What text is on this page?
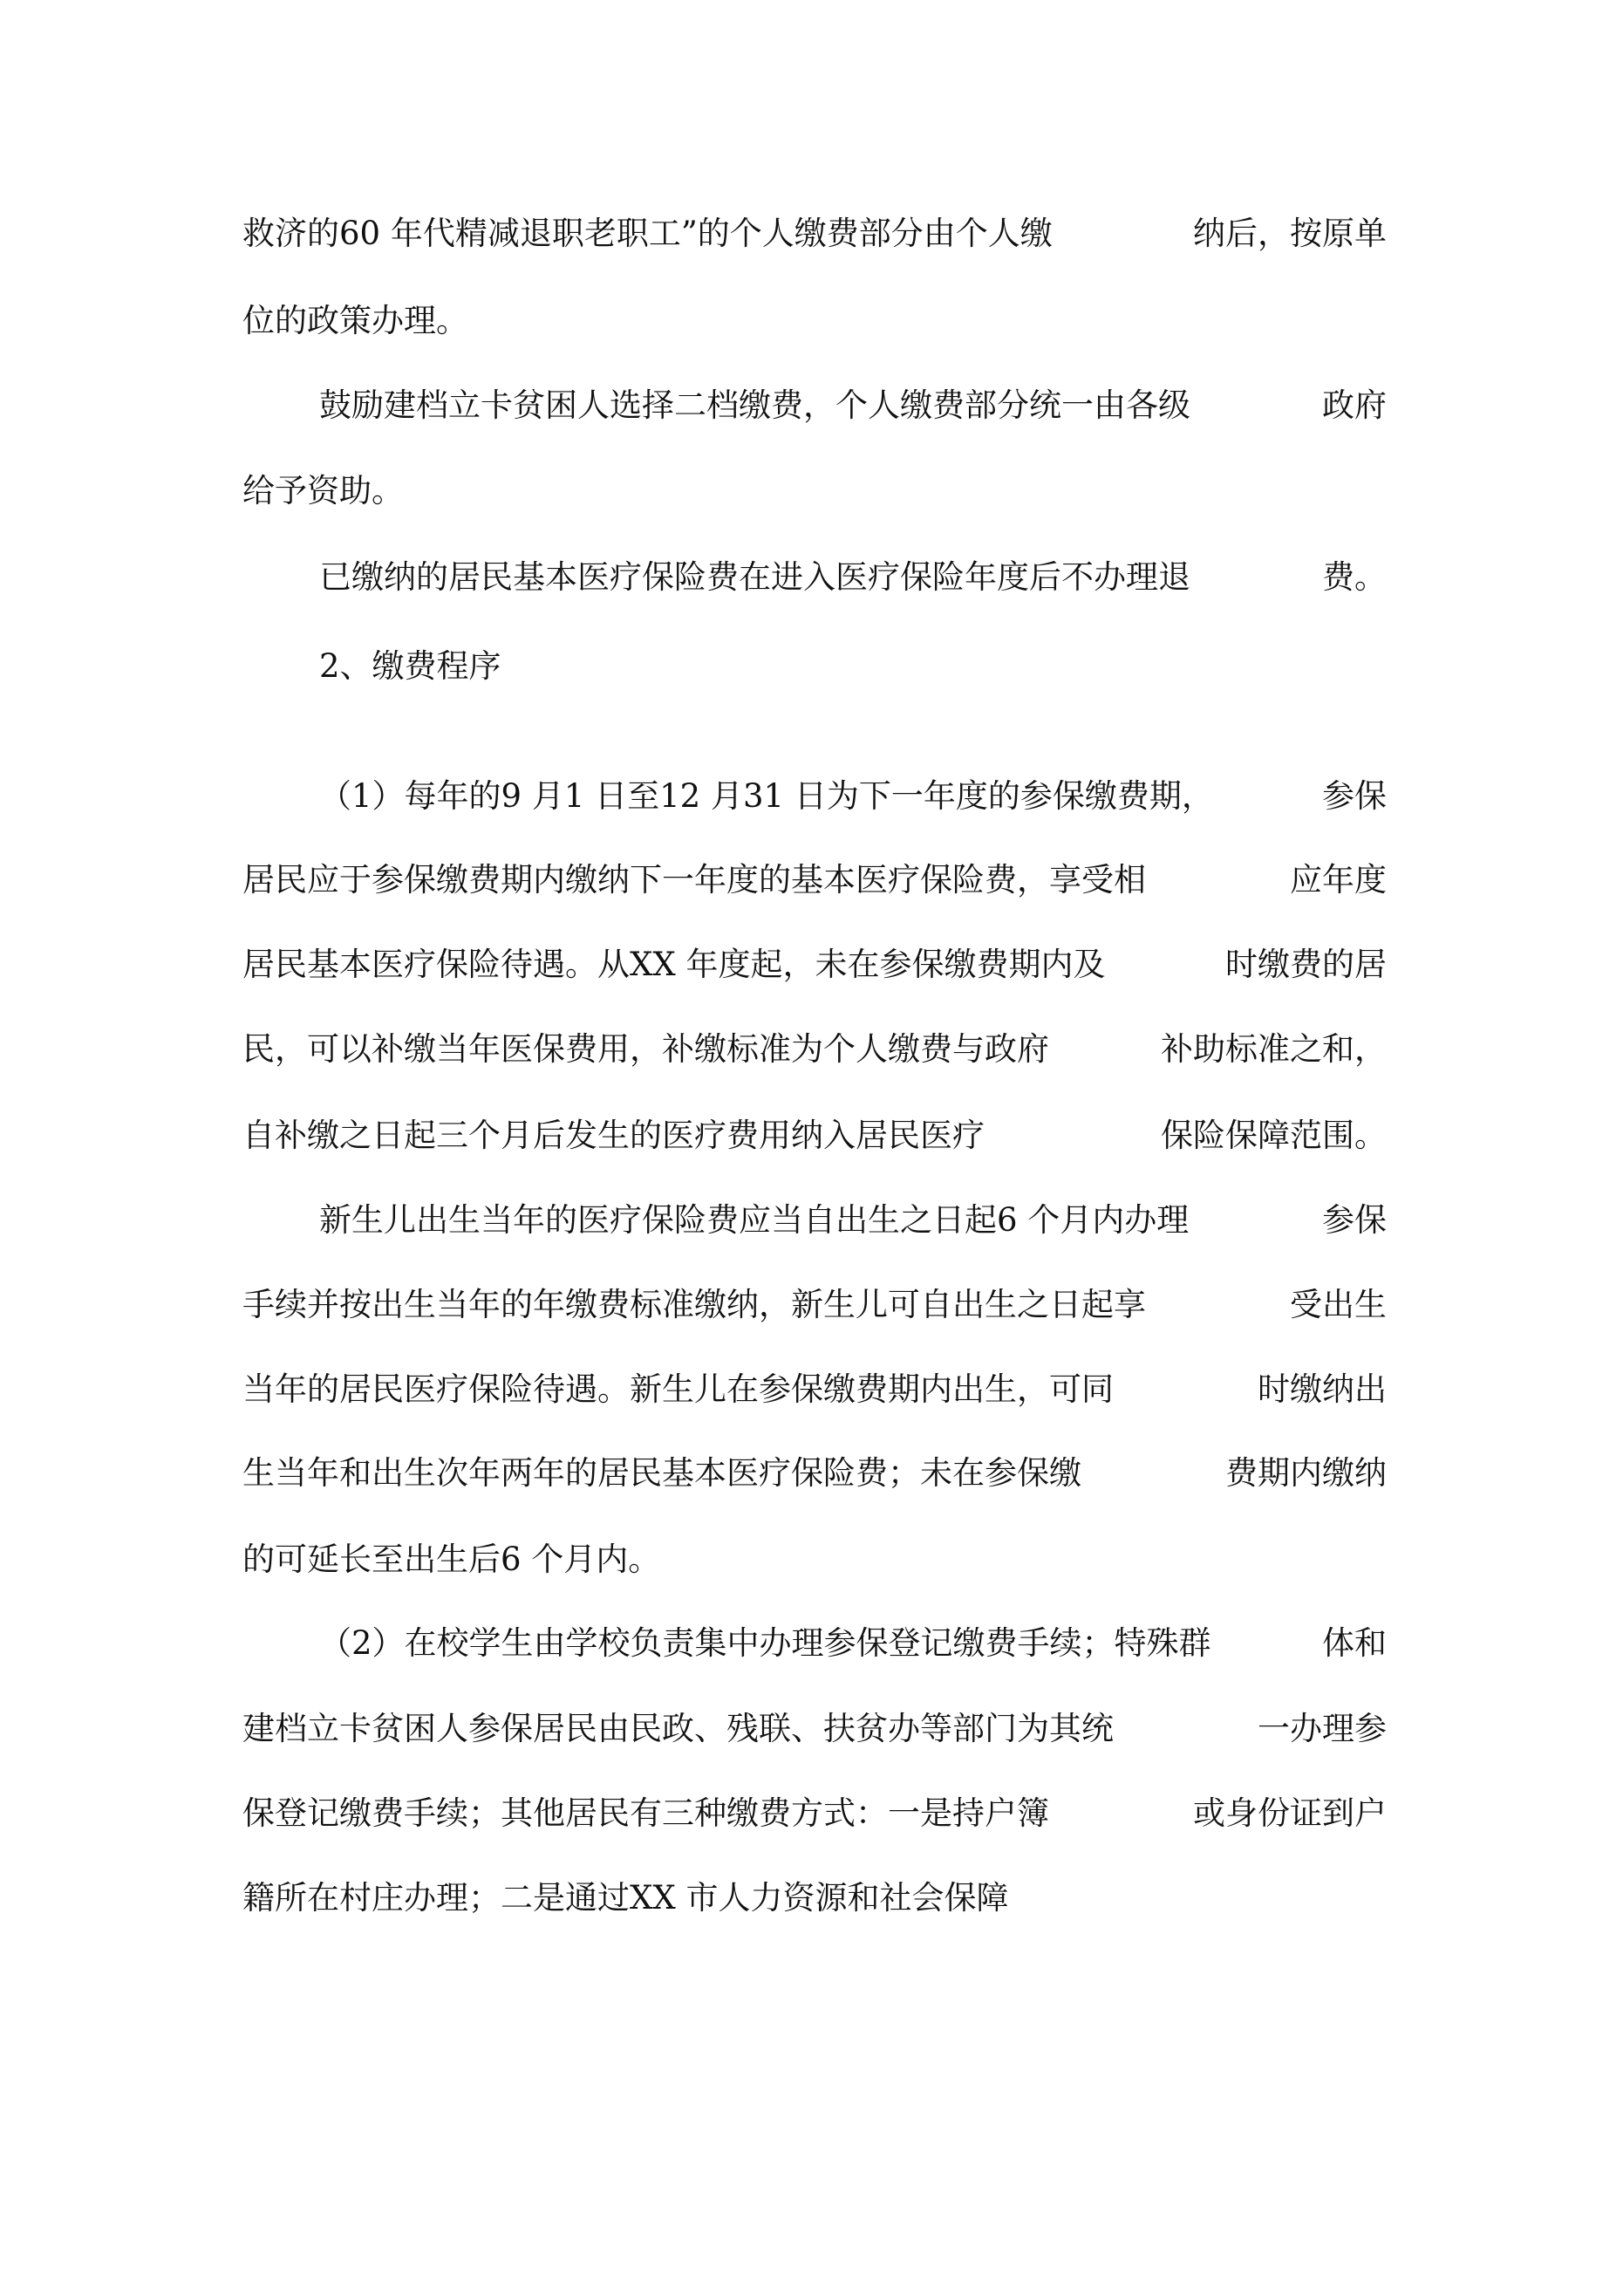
救济的60 年代精减退职老职工”的个人缴费部分由个人缴	纳后，按原单
位的政策办理。
鼓励建档立卡贫困人选择二档缴费，个人缴费部分统一由各级	政府
给予资助。
已缴纳的居民基本医疗保险费在进入医疗保险年度后不办理退	费。
2、缴费程序
（1）每年的9 月1 日至12 月31 日为下一年度的参保缴费期，	参保
居民应于参保缴费期内缴纳下一年度的基本医疗保险费，享受相	应年度
居民基本医疗保险待遇。从XX 年度起，未在参保缴费期内及	时缴费的居
民，可以补缴当年医保费用，补缴标准为个人缴费与政府	补助标准之和，
自补缴之日起三个月后发生的医疗费用纳入居民医疗	保险保障范围。
新生儿出生当年的医疗保险费应当自出生之日起6 个月内办理	参保
手续并按出生当年的年缴费标准缴纳，新生儿可自出生之日起享	受出生
当年的居民医疗保险待遇。新生儿在参保缴费期内出生，可同	时缴纳出
生当年和出生次年两年的居民基本医疗保险费；未在参保缴	费期内缴纳
的可延长至出生后6 个月内。
（2）在校学生由学校负责集中办理参保登记缴费手续；特殊群	体和
建档立卡贫困人参保居民由民政、残联、扶贫办等部门为其统	一办理参
保登记缴费手续；其他居民有三种缴费方式：一是持户簿	或身份证到户
籍所在村庄办理；二是通过XX 市人力资源和社会保障
